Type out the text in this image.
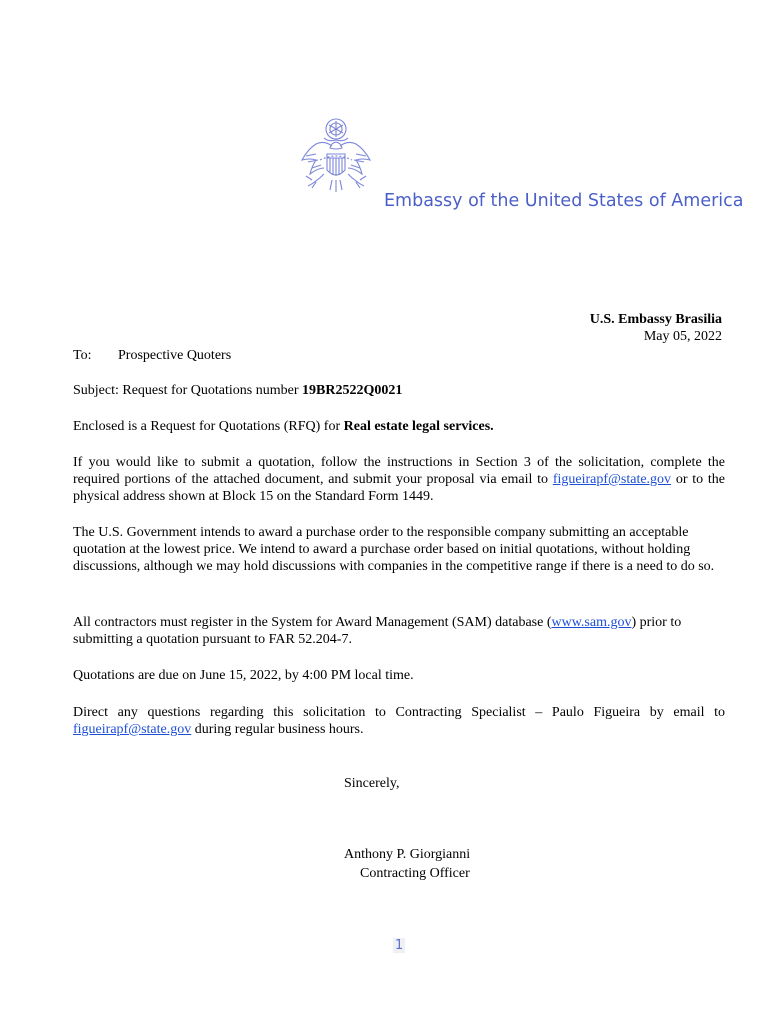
Embassy of the United States of America
U.S. Embassy Brasilia
May 05, 2022
To: Prospective Quoters
Subject: Request for Quotations number 19BR2522Q0021
Enclosed is a Request for Quotations (RFQ) for Real estate legal services.
If you would like to submit a quotation, follow the instructions in Section 3 of the solicitation, complete the required portions of the attached document, and submit your proposal via email to figueirapf@state.gov or to the physical address shown at Block 15 on the Standard Form 1449.
The U.S. Government intends to award a purchase order to the responsible company submitting an acceptable quotation at the lowest price. We intend to award a purchase order based on initial quotations, without holding discussions, although we may hold discussions with companies in the competitive range if there is a need to do so.
All contractors must register in the System for Award Management (SAM) database (www.sam.gov) prior to submitting a quotation pursuant to FAR 52.204-7.
Quotations are due on June 15, 2022, by 4:00 PM local time.
Direct any questions regarding this solicitation to Contracting Specialist – Paulo Figueira by email to figueirapf@state.gov during regular business hours.
Sincerely,
Anthony P. Giorgianni
Contracting Officer
1
